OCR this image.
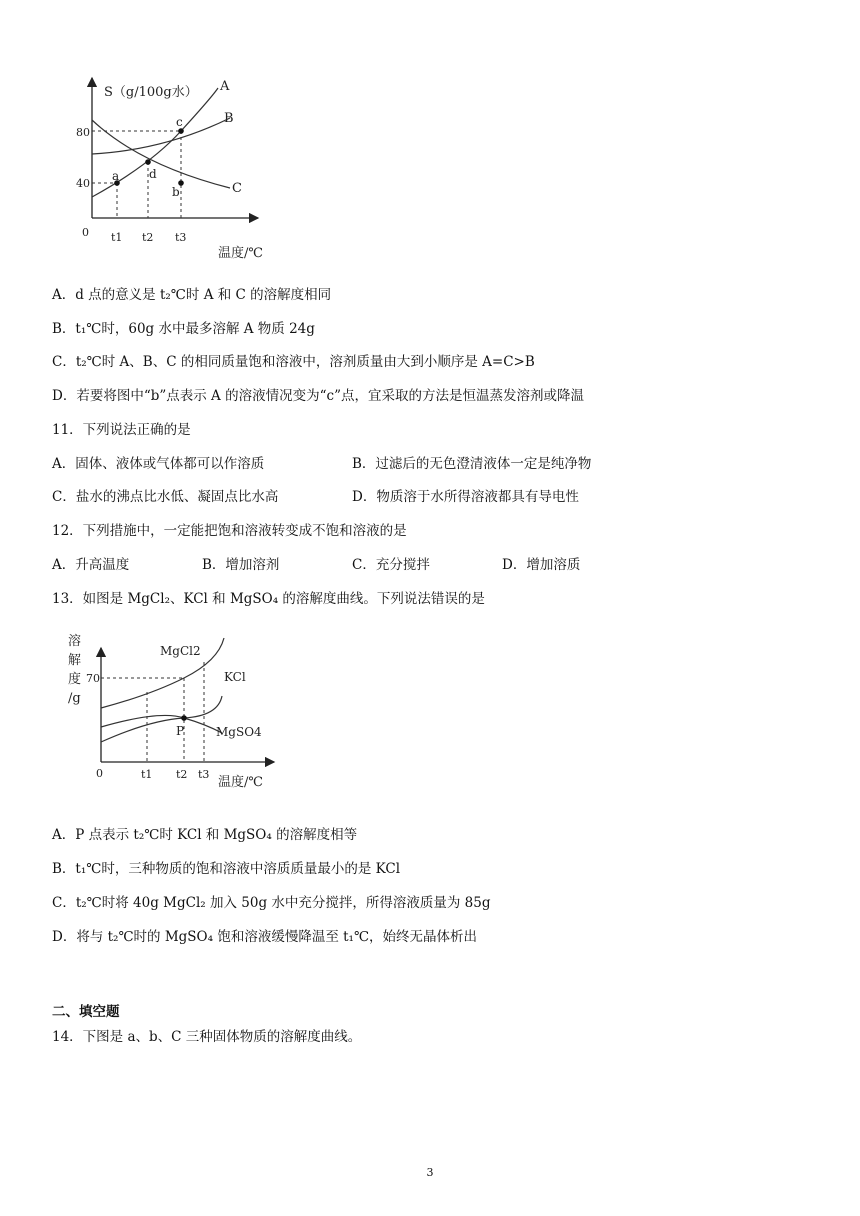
S（g/100g水）
80
40
0 t1 t2 t3
温度/℃
A
B
C
a
b
c
d
A．d 点的意义是 t₂℃时 A 和 C 的溶解度相同
B．t₁℃时，60g 水中最多溶解 A 物质 24g
C．t₂℃时 A、B、C 的相同质量饱和溶液中，溶剂质量由大到小顺序是 A=C>B
D．若要将图中“b”点表示 A 的溶液情况变为“c”点，宜采取的方法是恒温蒸发溶剂或降温
11．下列说法正确的是
A．固体、液体或气体都可以作溶质	B．过滤后的无色澄清液体一定是纯净物
C．盐水的沸点比水低、凝固点比水高	D．物质溶于水所得溶液都具有导电性
12．下列措施中，一定能把饱和溶液转变成不饱和溶液的是
A．升高温度	B．增加溶剂	C．充分搅拌	D．增加溶质
13．如图是 MgCl₂、KCl 和 MgSO₄ 的溶解度曲线。下列说法错误的是
溶
解
度
/g
70
0	t1 t2 t3
温度/℃
MgCl2
KCl
MgSO4
P
A．P 点表示 t₂℃时 KCl 和 MgSO₄ 的溶解度相等
B．t₁℃时，三种物质的饱和溶液中溶质质量最小的是 KCl
C．t₂℃时将 40g MgCl₂ 加入 50g 水中充分搅拌，所得溶液质量为 85g
D．将与 t₂℃时的 MgSO₄ 饱和溶液缓慢降温至 t₁℃，始终无晶体析出
二、填空题
14．下图是 a、b、C 三种固体物质的溶解度曲线。
3
